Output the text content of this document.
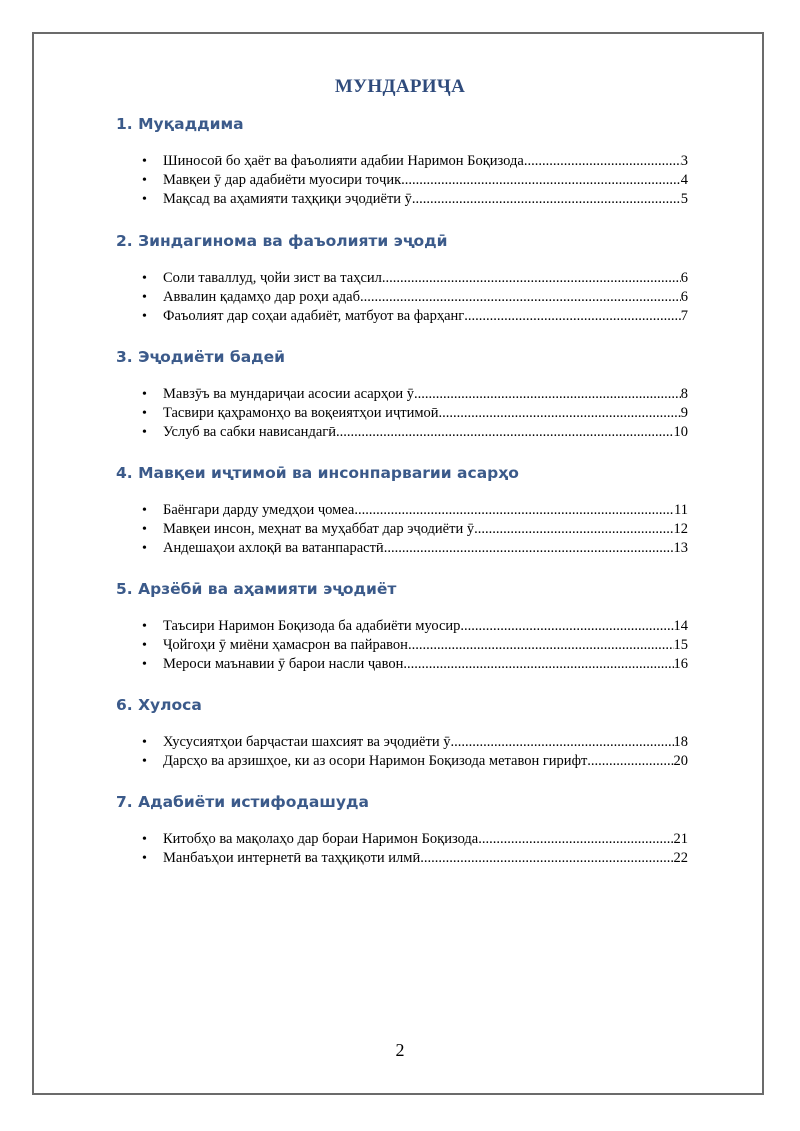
МУНДАРИҶА
1. Муқаддима
• Шиносоӣ бо ҳаёт ва фаъолияти адабии Наримон Боқизода .....	3
• Мавқеи ӯ дар адабиёти муосири тоҷик .....	4
• Мақсад ва аҳамияти таҳқиқи эҷодиёти ӯ .....	5
2. Зиндагинома ва фаъолияти эҷодӣ
• Соли таваллуд, ҷойи зист ва таҳсил .....	6
• Аввалин қадамҳо дар роҳи адаб .....	6
• Фаъолият дар соҳаи адабиёт, матбуот ва фарҳанг .....	7
3. Эҷодиёти бадеӣ
• Мавзӯъ ва мундариҷаи асосии асарҳои ӯ .....	8
• Тасвири қаҳрамонҳо ва воқеиятҳои иҷтимоӣ .....	9
• Услуб ва сабки нависандагӣ .....	10
4. Мавқеи иҷтимоӣ ва инсонпарвarии асарҳо
• Баёнгари дарду умедҳои ҷомеа .....	11
• Мавқеи инсон, меҳнат ва муҳаббат дар эҷодиёти ӯ .....	12
• Андешаҳои ахлоқӣ ва ватанпарастӣ .....	13
5. Арзёбӣ ва аҳамияти эҷодиёт
• Таъсири Наримон Боқизода ба адабиёти муосир .....	14
• Ҷойгоҳи ӯ миёни ҳамасрон ва пайравон .....	15
• Мероси маънавии ӯ барои насли ҷавон .....	16
6. Хулоса
• Хусусиятҳои барҷастаи шахсият ва эҷодиёти ӯ .....	18
• Дарсҳо ва арзишҳое, ки аз осори Наримон Боқизода метавон гирифт .....	20
7. Адабиёти истифодашуда
• Китобҳо ва мақолаҳо дар бораи Наримон Боқизода .....	21
• Манбаъҳои интернетӣ ва таҳқиқоти илмӣ .....	22
2
